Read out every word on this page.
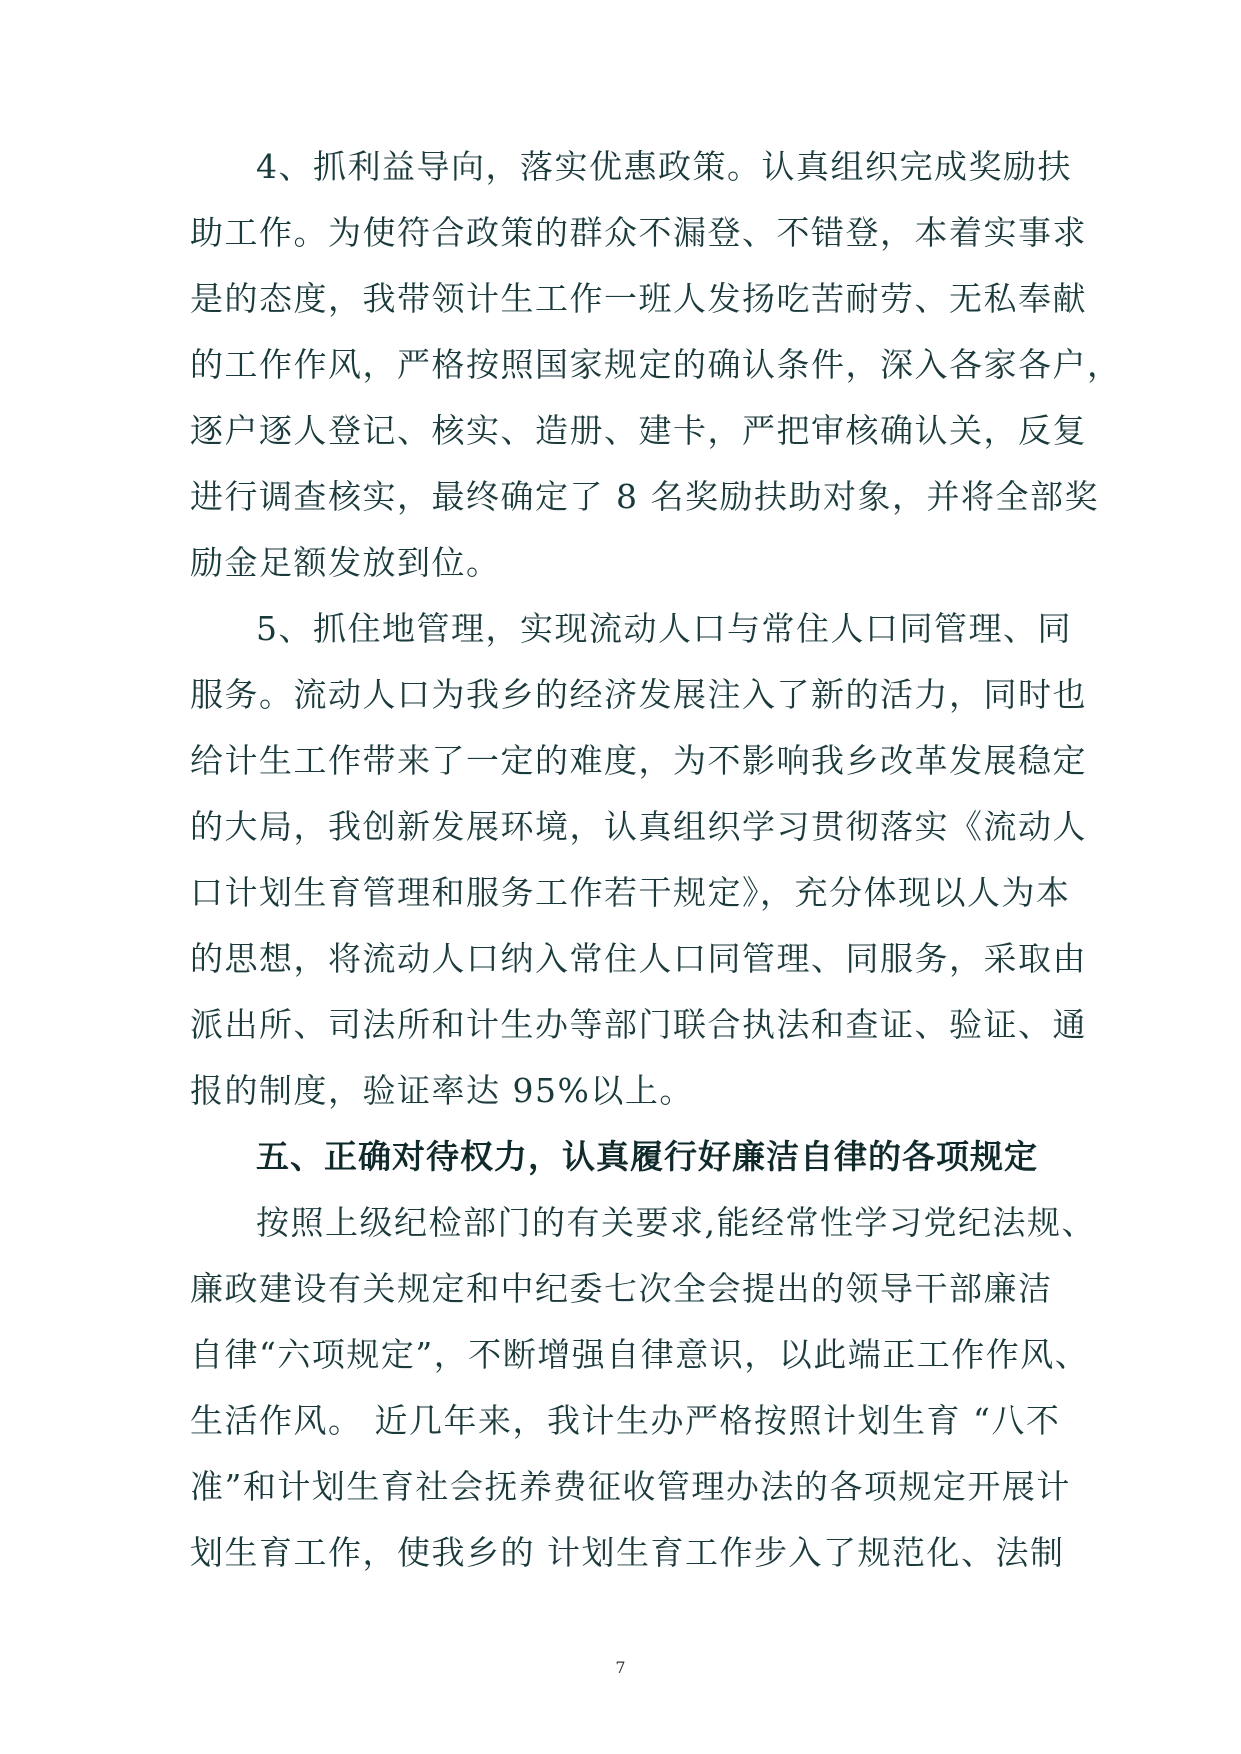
4、抓利益导向，落实优惠政策。认真组织完成奖励扶
助工作。为使符合政策的群众不漏登、不错登，本着实事求
是的态度，我带领计生工作一班人发扬吃苦耐劳、无私奉献
的工作作风，严格按照国家规定的确认条件，深入各家各户，
逐户逐人登记、核实、造册、建卡，严把审核确认关，反复
进行调查核实，最终确定了 8 名奖励扶助对象，并将全部奖
励金足额发放到位。
5、抓住地管理，实现流动人口与常住人口同管理、同
服务。流动人口为我乡的经济发展注入了新的活力，同时也
给计生工作带来了一定的难度，为不影响我乡改革发展稳定
的大局，我创新发展环境，认真组织学习贯彻落实《流动人
口计划生育管理和服务工作若干规定》，充分体现以人为本
的思想，将流动人口纳入常住人口同管理、同服务，采取由
派出所、司法所和计生办等部门联合执法和查证、验证、通
报的制度，验证率达 95%以上。
五、正确对待权力，认真履行好廉洁自律的各项规定
按照上级纪检部门的有关要求,能经常性学习党纪法规、
廉政建设有关规定和中纪委七次全会提出的领导干部廉洁
自律“六项规定”，不断增强自律意识，以此端正工作作风、
生活作风。 近几年来，我计生办严格按照计划生育 “八不
准”和计划生育社会抚养费征收管理办法的各项规定开展计
划生育工作，使我乡的 计划生育工作步入了规范化、法制
7
